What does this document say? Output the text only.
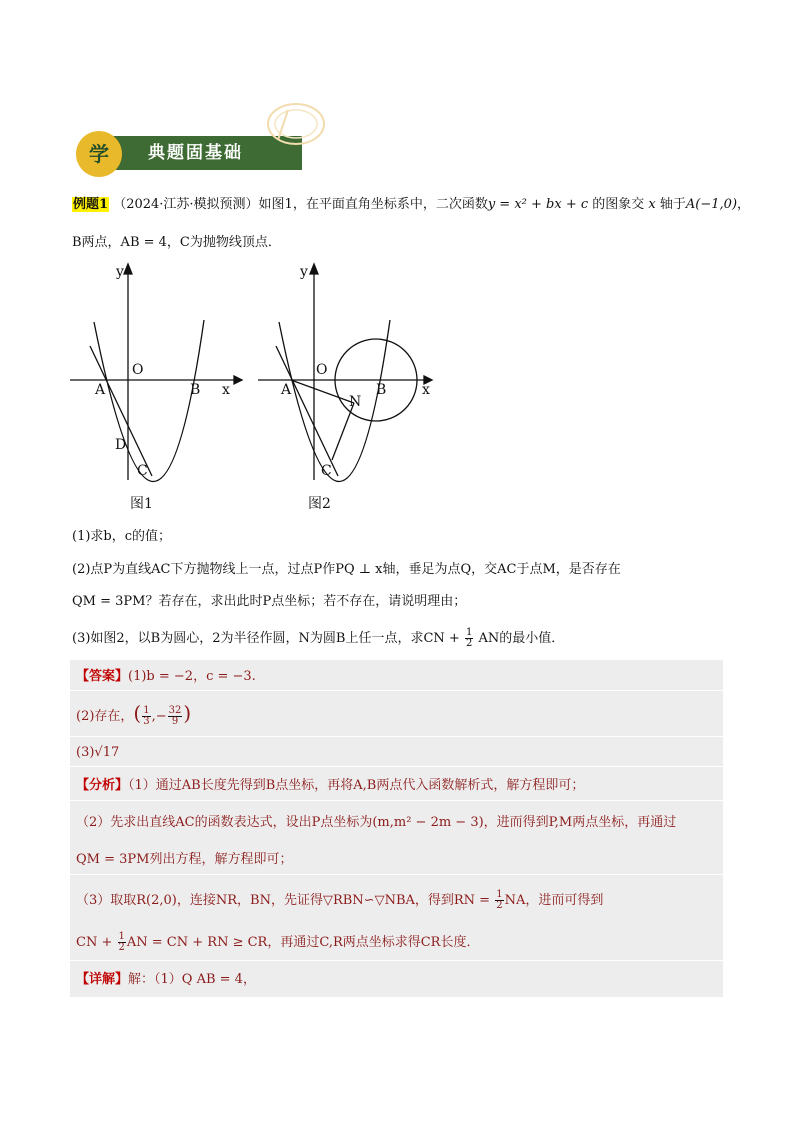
学	典题固基础
例题1 （2024·江苏·模拟预测）如图1，在平面直角坐标系中，二次函数y = x² + bx + c 的图象交 x 轴于A(−1,0)，
B两点，AB = 4，C为抛物线顶点．
y
x
O
A	B
D
C
图1
y
x
O
A	B
N
C
图2
(1)求b，c的值；
(2)点P为直线AC下方抛物线上一点，过点P作PQ ⊥ x轴，垂足为点Q，交AC于点M，是否存在
QM = 3PM？若存在，求出此时P点坐标；若不存在，请说明理由；
(3)如图2，以B为圆心，2为半径作圆，N为圆B上任一点，求CN + $\frac{1}{2}$ AN的最小值．
【答案】(1)b = −2，c = −3.
(2)存在，( $\frac{1}{3}$ ,− $\frac{32}{9}$ )
(3)√17
【分析】（1）通过AB长度先得到B点坐标，再将A,B两点代入函数解析式，解方程即可；
（2）先求出直线AC的函数表达式，设出P点坐标为(m,m² − 2m − 3)，进而得到P,M两点坐标，再通过
QM = 3PM列出方程，解方程即可；
（3）取取R(2,0)，连接NR，BN，先证得▽RBN∽▽NBA，得到RN = $\frac{1}{2}$ NA，进而可得到
CN + $\frac{1}{2}$ AN = CN + RN ≥ CR，再通过C,R两点坐标求得CR长度．
【详解】解：（1）Q AB = 4，
